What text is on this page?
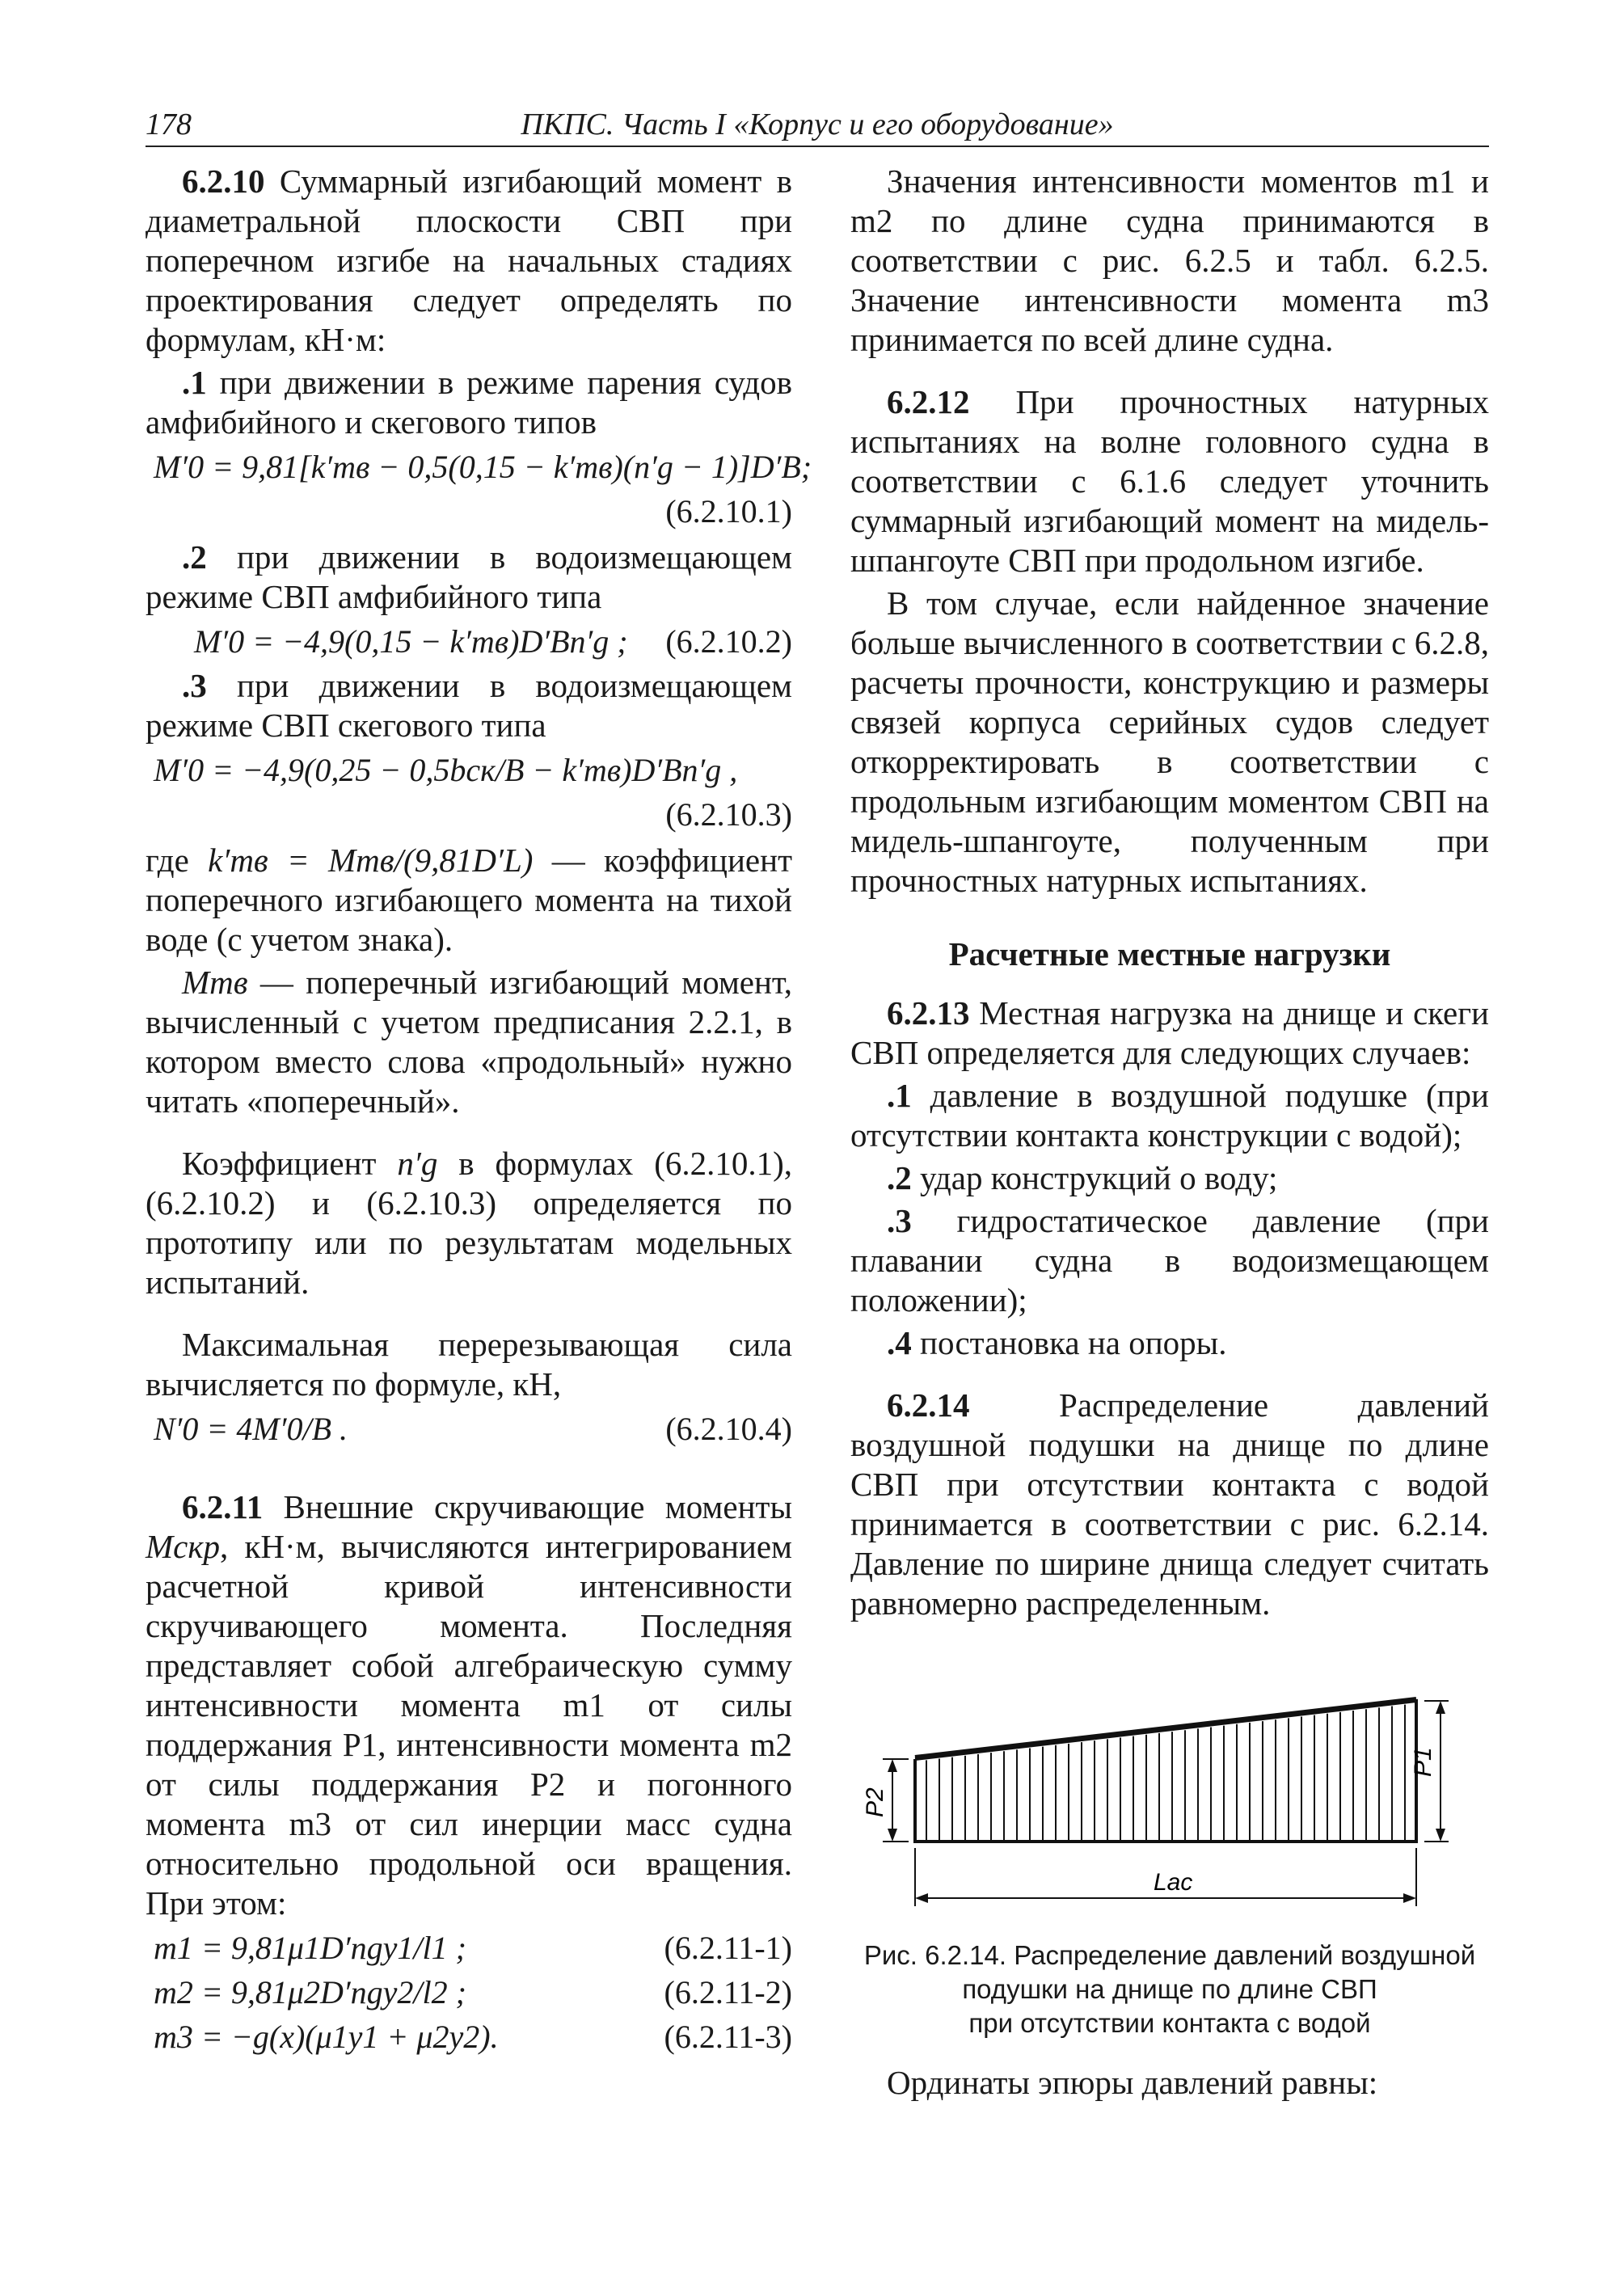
178	ПКПС. Часть I «Корпус и его оборудование»

6.2.10 Суммарный изгибающий момент в диаметральной плоскости СВП при поперечном изгибе на начальных стадиях проектирования следует определять по формулам, кН·м:

.1 при движении в режиме парения судов амфибийного и скегового типов

M′0 = 9,81[k′тв − 0,5(0,15 − k′тв)(n′g − 1)]D′B;
(6.2.10.1)

.2 при движении в водоизмещающем режиме СВП амфибийного типа

M′0 = −4,9(0,15 − k′тв)D′Bn′g ; (6.2.10.2)

.3 при движении в водоизмещающем режиме СВП скегового типа

M′0 = −4,9(0,25 − 0,5bск/B − k′тв)D′Bn′g ,
(6.2.10.3)

где k′тв = Mтв/(9,81D′L) — коэффициент поперечного изгибающего момента на тихой воде (с учетом знака).

Mтв — поперечный изгибающий момент, вычисленный с учетом предписания 2.2.1, в котором вместо слова «продольный» нужно читать «поперечный».

Коэффициент n′g в формулах (6.2.10.1), (6.2.10.2) и (6.2.10.3) определяется по прототипу или по результатам модельных испытаний.

Максимальная перерезывающая сила вычисляется по формуле, кН,

N′0 = 4M′0/B .	(6.2.10.4)

6.2.11 Внешние скручивающие моменты Mскр, кН·м, вычисляются интегрированием расчетной кривой интенсивности скручивающего момента. Последняя представляет собой алгебраическую сумму интенсивности момента m1 от силы поддержания P1, интенсивности момента m2 от силы поддержания P2 и погонного момента m3 от сил инерции масс судна относительно продольной оси вращения. При этом:

m1 = 9,81μ1D′ngy1/l1 ;	(6.2.11-1)
m2 = 9,81μ2D′ngy2/l2 ;	(6.2.11-2)
m3 = −g(x)(μ1y1 + μ2y2).	(6.2.11-3)

Значения интенсивности моментов m1 и m2 по длине судна принимаются в соответствии с рис. 6.2.5 и табл. 6.2.5. Значение интенсивности момента m3 принимается по всей длине судна.

6.2.12 При прочностных натурных испытаниях на волне головного судна в соответствии с 6.1.6 следует уточнить суммарный изгибающий момент на мидель-шпангоуте СВП при продольном изгибе.

В том случае, если найденное значение больше вычисленного в соответствии с 6.2.8, расчеты прочности, конструкцию и размеры связей корпуса серийных судов следует откорректировать в соответствии с продольным изгибающим моментом СВП на мидель-шпангоуте, полученным при прочностных натурных испытаниях.

Расчетные местные нагрузки

6.2.13 Местная нагрузка на днище и скеги СВП определяется для следующих случаев:

.1 давление в воздушной подушке (при отсутствии контакта конструкции с водой);

.2 удар конструкций о воду;

.3 гидростатическое давление (при плавании судна в водоизмещающем положении);

.4 постановка на опоры.

6.2.14 Распределение давлений воздушной подушки на днище по длине СВП при отсутствии контакта с водой принимается в соответствии с рис. 6.2.14. Давление по ширине днища следует считать равномерно распределенным.

P1
P2
Lac
Рис. 6.2.14. Распределение давлений воздушной
подушки на днище по длине СВП
при отсутствии контакта с водой

Ординаты эпюры давлений равны:
